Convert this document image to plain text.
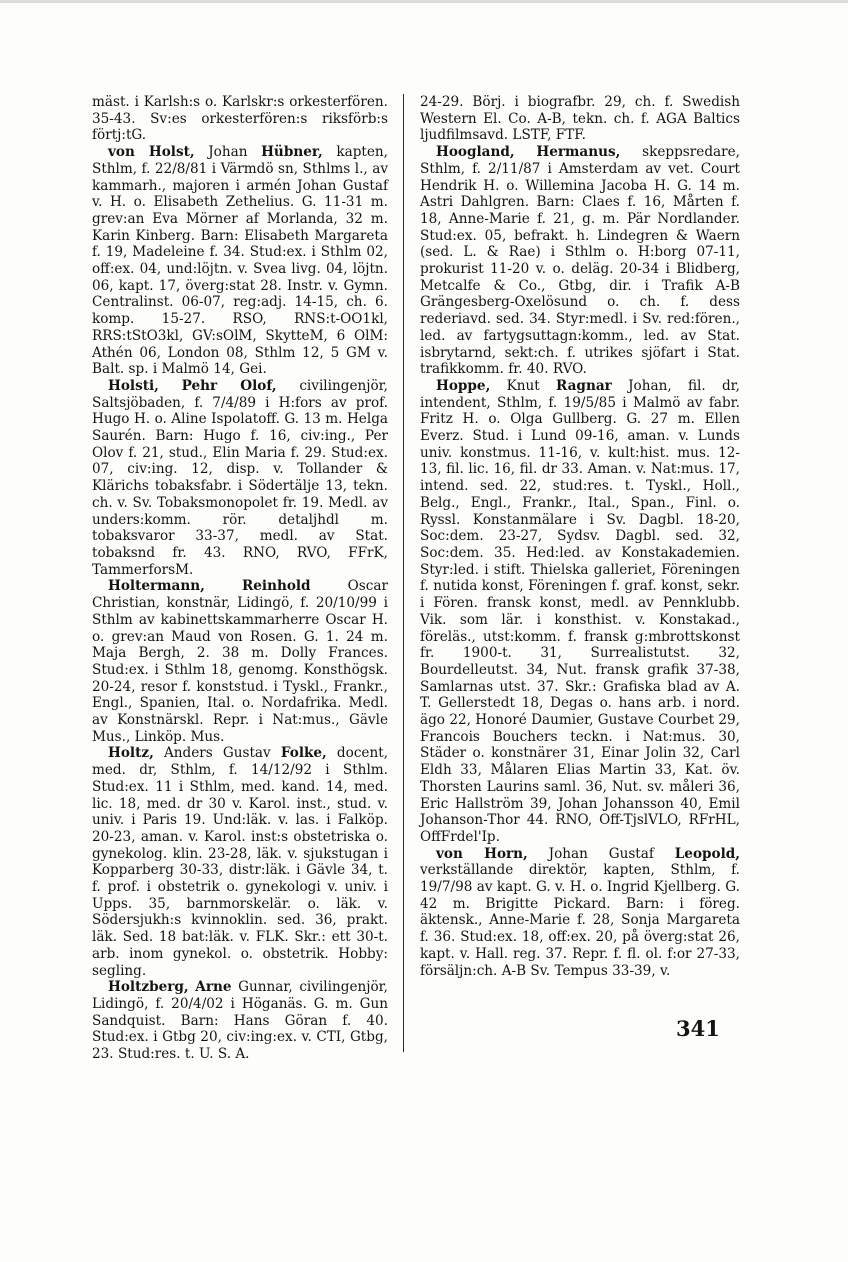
mäst. i Karlsh:s o. Karlskr:s orkesterfören. 35-43. Sv:es orkesterfören:s riksförb:s förtj:tG.

von Holst, Johan Hübner, kapten, Sthlm, f. 22/8/81 i Värmdö sn, Sthlms l., av kammarh., majoren i armén Johan Gustaf v. H. o. Elisabeth Zethelius. G. 11-31 m. grev:an Eva Mörner af Morlanda, 32 m. Karin Kinberg. Barn: Elisabeth Margareta f. 19, Madeleine f. 34. Stud:ex. i Sthlm 02, off:ex. 04, und:löjtn. v. Svea livg. 04, löjtn. 06, kapt. 17, överg:stat 28. Instr. v. Gymn. Centralinst. 06-07, reg:adj. 14-15, ch. 6. komp. 15-27. RSO, RNS:t-OO1kl, RRS:tStO3kl, GV:sOlM, SkytteM, 6 OlM: Athén 06, London 08, Sthlm 12, 5 GM v. Balt. sp. i Malmö 14, Gei.

Holsti, Pehr Olof, civilingenjör, Saltsjöbaden, f. 7/4/89 i H:fors av prof. Hugo H. o. Aline Ispolatoff. G. 13 m. Helga Saurén. Barn: Hugo f. 16, civ:ing., Per Olov f. 21, stud., Elin Maria f. 29. Stud:ex. 07, civ:ing. 12, disp. v. Tollander & Klärichs tobaksfabr. i Södertälje 13, tekn. ch. v. Sv. Tobaksmonopolet fr. 19. Medl. av unders:komm. rör. detaljhdl m. tobaksvaror 33-37, medl. av Stat. tobaksnd fr. 43. RNO, RVO, FFrK, TammerforsM.

Holtermann,	Reinhold Oscar Christian, konstnär, Lidingö, f. 20/10/99 i Sthlm av kabinettskammarherre Oscar H. o. grev:an Maud von Rosen. G. 1. 24 m. Maja Bergh, 2. 38 m. Dolly Frances. Stud:ex. i Sthlm 18, genomg. Konsthögsk. 20-24, resor f. konststud. i Tyskl., Frankr., Engl., Spanien, Ital. o. Nordafrika. Medl. av Konstnärskl. Repr. i Nat:mus., Gävle Mus., Linköp. Mus.

Holtz, Anders Gustav Folke, docent, med. dr, Sthlm, f. 14/12/92 i Sthlm. Stud:ex. 11 i Sthlm, med. kand. 14, med. lic. 18, med. dr 30 v. Karol. inst., stud. v. univ. i Paris 19. Und:läk. v. las. i Falköp. 20-23, aman. v. Karol. inst:s obstetriska o. gynekolog. klin. 23-28, läk. v. sjukstugan i Kopparberg 30-33, distr:läk. i Gävle 34, t. f. prof. i obstetrik o. gynekologi v. univ. i Upps. 35, barnmorskelär. o. läk. v. Södersjukh:s kvinnoklin. sed. 36, prakt. läk. Sed. 18 bat:läk. v. FLK. Skr.: ett 30-t. arb. inom gynekol. o. obstetrik. Hobby: segling.

Holtzberg, Arne Gunnar, civilingenjör, Lidingö, f. 20/4/02 i Höganäs. G. m. Gun Sandquist. Barn: Hans Göran f. 40. Stud:ex. i Gtbg 20, civ:ing:ex. v. CTI, Gtbg, 23. Stud:res. t. U. S. A.

24-29. Börj. i biografbr. 29, ch. f. Swedish Western El. Co. A-B, tekn. ch. f. AGA Baltics ljudfilmsavd. LSTF, FTF.

Hoogland, Hermanus, skeppsredare, Sthlm, f. 2/11/87 i Amsterdam av vet. Court Hendrik H. o. Willemina Jacoba H. G. 14 m. Astri Dahlgren. Barn: Claes f. 16, Mårten f. 18, Anne-Marie f. 21, g. m. Pär Nordlander. Stud:ex. 05, befrakt. h. Lindegren & Waern (sed. L. & Rae) i Sthlm o. H:borg 07-11, prokurist 11-20 v. o. deläg. 20-34 i Blidberg, Metcalfe & Co., Gtbg, dir. i Trafik A-B Grängesberg-Oxelösund o. ch. f. dess rederiavd. sed. 34. Styr:medl. i Sv. red:fören., led. av fartygsuttagn:komm., led. av Stat. isbrytarnd, sekt:ch. f. utrikes sjöfart i Stat. trafikkomm. fr. 40. RVO.

Hoppe, Knut Ragnar Johan, fil. dr, intendent, Sthlm, f. 19/5/85 i Malmö av fabr. Fritz H. o. Olga Gullberg. G. 27 m. Ellen Everz. Stud. i Lund 09-16, aman. v. Lunds univ. konstmus. 11-16, v. kult:hist. mus. 12-13, fil. lic. 16, fil. dr 33. Aman. v. Nat:mus. 17, intend. sed. 22, stud:res. t. Tyskl., Holl., Belg., Engl., Frankr., Ital., Span., Finl. o. Ryssl. Konstanmälare i Sv. Dagbl. 18-20, Soc:dem. 23-27, Sydsv. Dagbl. sed. 32, Soc:dem. 35. Hed:led. av Konstakademien. Styr:led. i stift. Thielska galleriet, Föreningen f. nutida konst, Föreningen f. graf. konst, sekr. i Fören. fransk konst, medl. av Pennklubb. Vik. som lär. i konsthist. v. Konstakad., föreläs., utst:komm. f. fransk g:mbrottskonst fr. 1900-t. 31, Surrealistutst. 32, Bourdelleutst. 34, Nut. fransk grafik 37-38, Samlarnas utst. 37. Skr.: Grafiska blad av A. T. Gellerstedt 18, Degas o. hans arb. i nord. ägo 22, Honoré Daumier, Gustave Courbet 29, Francois Bouchers teckn. i Nat:mus. 30, Städer o. konstnärer 31, Einar Jolin 32, Carl Eldh 33, Målaren Elias Martin 33, Kat. öv. Thorsten Laurins saml. 36, Nut. sv. måleri 36, Eric Hallström 39, Johan Johansson 40, Emil Johanson-Thor 44. RNO, Off-TjslVLO, RFrHL, OffFrdel'Ip.

von Horn, Johan Gustaf Leopold, verkställande direktör, kapten, Sthlm, f. 19/7/98 av kapt. G. v. H. o. Ingrid Kjellberg. G. 42 m. Brigitte Pickard. Barn: i föreg. äktensk., Anne-Marie f. 28, Sonja Margareta f. 36. Stud:ex. 18, off:ex. 20, på överg:stat 26, kapt. v. Hall. reg. 37. Repr. f. fl. ol. f:or 27-33, försäljn:ch. A-B Sv. Tempus 33-39, v.

341
